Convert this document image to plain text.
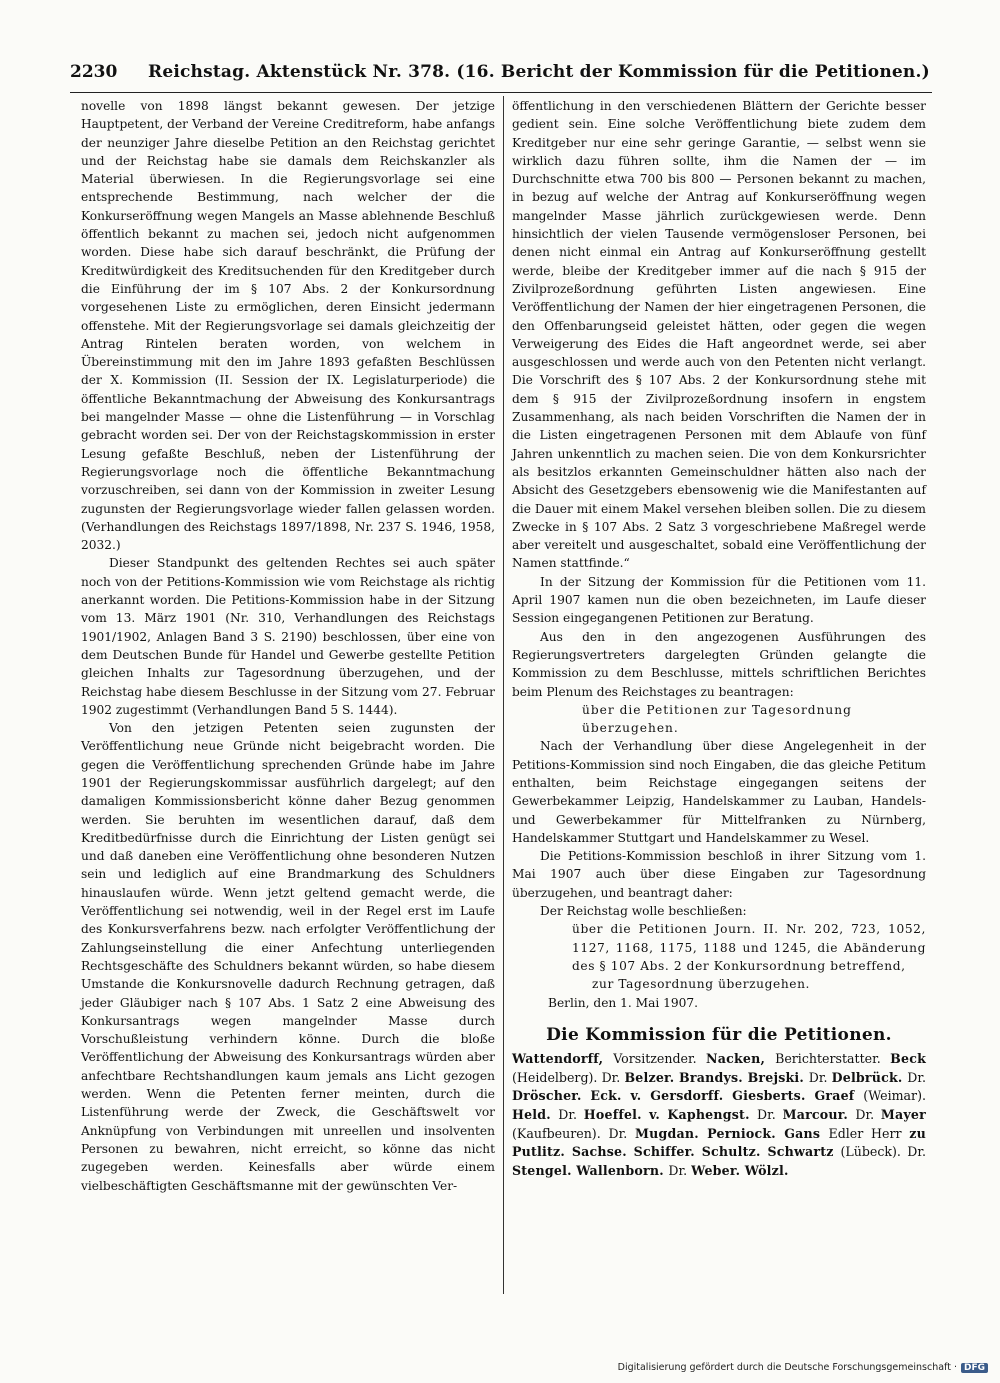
2230 Reichstag. Aktenstück Nr. 378. (16. Bericht der Kommission für die Petitionen.)

novelle von 1898 längst bekannt gewesen. Der jetzige Hauptpetent, der Verband der Vereine Creditreform, habe anfangs der neunziger Jahre dieselbe Petition an den Reichstag gerichtet und der Reichstag habe sie damals dem Reichskanzler als Material überwiesen. In die Regierungsvorlage sei eine entsprechende Bestimmung, nach welcher der die Konkurseröffnung wegen Mangels an Masse ablehnende Beschluß öffentlich bekannt zu machen sei, jedoch nicht aufgenommen worden. Diese habe sich darauf beschränkt, die Prüfung der Kreditwürdigkeit des Kreditsuchenden für den Kreditgeber durch die Einführung der im § 107 Abs. 2 der Konkursordnung vorgesehenen Liste zu ermöglichen, deren Einsicht jedermann offenstehe. Mit der Regierungsvorlage sei damals gleichzeitig der Antrag Rintelen beraten worden, von welchem in Übereinstimmung mit den im Jahre 1893 gefaßten Beschlüssen der X. Kommission (II. Session der IX. Legislaturperiode) die öffentliche Bekanntmachung der Abweisung des Konkursantrags bei mangelnder Masse — ohne die Listenführung — in Vorschlag gebracht worden sei. Der von der Reichstagskommission in erster Lesung gefaßte Beschluß, neben der Listenführung der Regierungsvorlage noch die öffentliche Bekanntmachung vorzuschreiben, sei dann von der Kommission in zweiter Lesung zugunsten der Regierungsvorlage wieder fallen gelassen worden. (Verhandlungen des Reichstags 1897/1898, Nr. 237 S. 1946, 1958, 2032.)

Dieser Standpunkt des geltenden Rechtes sei auch später noch von der Petitions-Kommission wie vom Reichstage als richtig anerkannt worden. Die Petitions-Kommission habe in der Sitzung vom 13. März 1901 (Nr. 310, Verhandlungen des Reichstags 1901/1902, Anlagen Band 3 S. 2190) beschlossen, über eine von dem Deutschen Bunde für Handel und Gewerbe gestellte Petition gleichen Inhalts zur Tagesordnung überzugehen, und der Reichstag habe diesem Beschlusse in der Sitzung vom 27. Februar 1902 zugestimmt (Verhandlungen Band 5 S. 1444).

Von den jetzigen Petenten seien zugunsten der Veröffentlichung neue Gründe nicht beigebracht worden. Die gegen die Veröffentlichung sprechenden Gründe habe im Jahre 1901 der Regierungskommissar ausführlich dargelegt; auf den damaligen Kommissionsbericht könne daher Bezug genommen werden. Sie beruhten im wesentlichen darauf, daß dem Kreditbedürfnisse durch die Einrichtung der Listen genügt sei und daß daneben eine Veröffentlichung ohne besonderen Nutzen sein und lediglich auf eine Brandmarkung des Schuldners hinauslaufen würde. Wenn jetzt geltend gemacht werde, die Veröffentlichung sei notwendig, weil in der Regel erst im Laufe des Konkursverfahrens bezw. nach erfolgter Veröffentlichung der Zahlungseinstellung die einer Anfechtung unterliegenden Rechtsgeschäfte des Schuldners bekannt würden, so habe diesem Umstande die Konkursnovelle dadurch Rechnung getragen, daß jeder Gläubiger nach § 107 Abs. 1 Satz 2 eine Abweisung des Konkursantrags wegen mangelnder Masse durch Vorschußleistung verhindern könne. Durch die bloße Veröffentlichung der Abweisung des Konkursantrags würden aber anfechtbare Rechtshandlungen kaum jemals ans Licht gezogen werden. Wenn die Petenten ferner meinten, durch die Listenführung werde der Zweck, die Geschäftswelt vor Anknüpfung von Verbindungen mit unreellen und insolventen Personen zu bewahren, nicht erreicht, so könne das nicht zugegeben werden. Keinesfalls aber würde einem vielbeschäftigten Geschäftsmanne mit der gewünschten Ver-

öffentlichung in den verschiedenen Blättern der Gerichte besser gedient sein. Eine solche Veröffentlichung biete zudem dem Kreditgeber nur eine sehr geringe Garantie, — selbst wenn sie wirklich dazu führen sollte, ihm die Namen der — im Durchschnitte etwa 700 bis 800 — Personen bekannt zu machen, in bezug auf welche der Antrag auf Konkurseröffnung wegen mangelnder Masse jährlich zurückgewiesen werde. Denn hinsichtlich der vielen Tausende vermögensloser Personen, bei denen nicht einmal ein Antrag auf Konkurseröffnung gestellt werde, bleibe der Kreditgeber immer auf die nach § 915 der Zivilprozeßordnung geführten Listen angewiesen. Eine Veröffentlichung der Namen der hier eingetragenen Personen, die den Offenbarungseid geleistet hätten, oder gegen die wegen Verweigerung des Eides die Haft angeordnet werde, sei aber ausgeschlossen und werde auch von den Petenten nicht verlangt. Die Vorschrift des § 107 Abs. 2 der Konkursordnung stehe mit dem § 915 der Zivilprozeßordnung insofern in engstem Zusammenhang, als nach beiden Vorschriften die Namen der in die Listen eingetragenen Personen mit dem Ablaufe von fünf Jahren unkenntlich zu machen seien. Die von dem Konkursrichter als besitzlos erkannten Gemeinschuldner hätten also nach der Absicht des Gesetzgebers ebensowenig wie die Manifestanten auf die Dauer mit einem Makel versehen bleiben sollen. Die zu diesem Zwecke in § 107 Abs. 2 Satz 3 vorgeschriebene Maßregel werde aber vereitelt und ausgeschaltet, sobald eine Veröffentlichung der Namen stattfinde.“

In der Sitzung der Kommission für die Petitionen vom 11. April 1907 kamen nun die oben bezeichneten, im Laufe dieser Session eingegangenen Petitionen zur Beratung.

Aus den in den angezogenen Ausführungen des Regierungsvertreters dargelegten Gründen gelangte die Kommission zu dem Beschlusse, mittels schriftlichen Berichtes beim Plenum des Reichstages zu beantragen:

über die Petitionen zur Tagesordnung

überzugehen.

Nach der Verhandlung über diese Angelegenheit in der Petitions-Kommission sind noch Eingaben, die das gleiche Petitum enthalten, beim Reichstage eingegangen seitens der Gewerbekammer Leipzig, Handelskammer zu Lauban, Handels- und Gewerbekammer für Mittelfranken zu Nürnberg, Handelskammer Stuttgart und Handelskammer zu Wesel.

Die Petitions-Kommission beschloß in ihrer Sitzung vom 1. Mai 1907 auch über diese Eingaben zur Tagesordnung überzugehen, und beantragt daher:

Der Reichstag wolle beschließen:

über die Petitionen Journ. II. Nr. 202, 723, 1052, 1127, 1168, 1175, 1188 und 1245, die Abänderung des § 107 Abs. 2 der Konkursordnung betreffend,

zur Tagesordnung überzugehen.

Berlin, den 1. Mai 1907.

Die Kommission für die Petitionen.

Wattendorff, Vorsitzender. Nacken, Berichterstatter. Beck (Heidelberg). Dr. Belzer. Brandys. Brejski. Dr. Delbrück. Dr. Dröscher. Eck. v. Gersdorff. Giesberts. Graef (Weimar). Held. Dr. Hoeffel. v. Kaphengst. Dr. Marcour. Dr. Mayer (Kaufbeuren). Dr. Mugdan. Perniock. Gans Edler Herr zu Putlitz. Sachse. Schiffer. Schultz. Schwartz (Lübeck). Dr. Stengel. Wallenborn. Dr. Weber. Wölzl.

Digitalisierung gefördert durch die Deutsche Forschungsgemeinschaft · DFG
